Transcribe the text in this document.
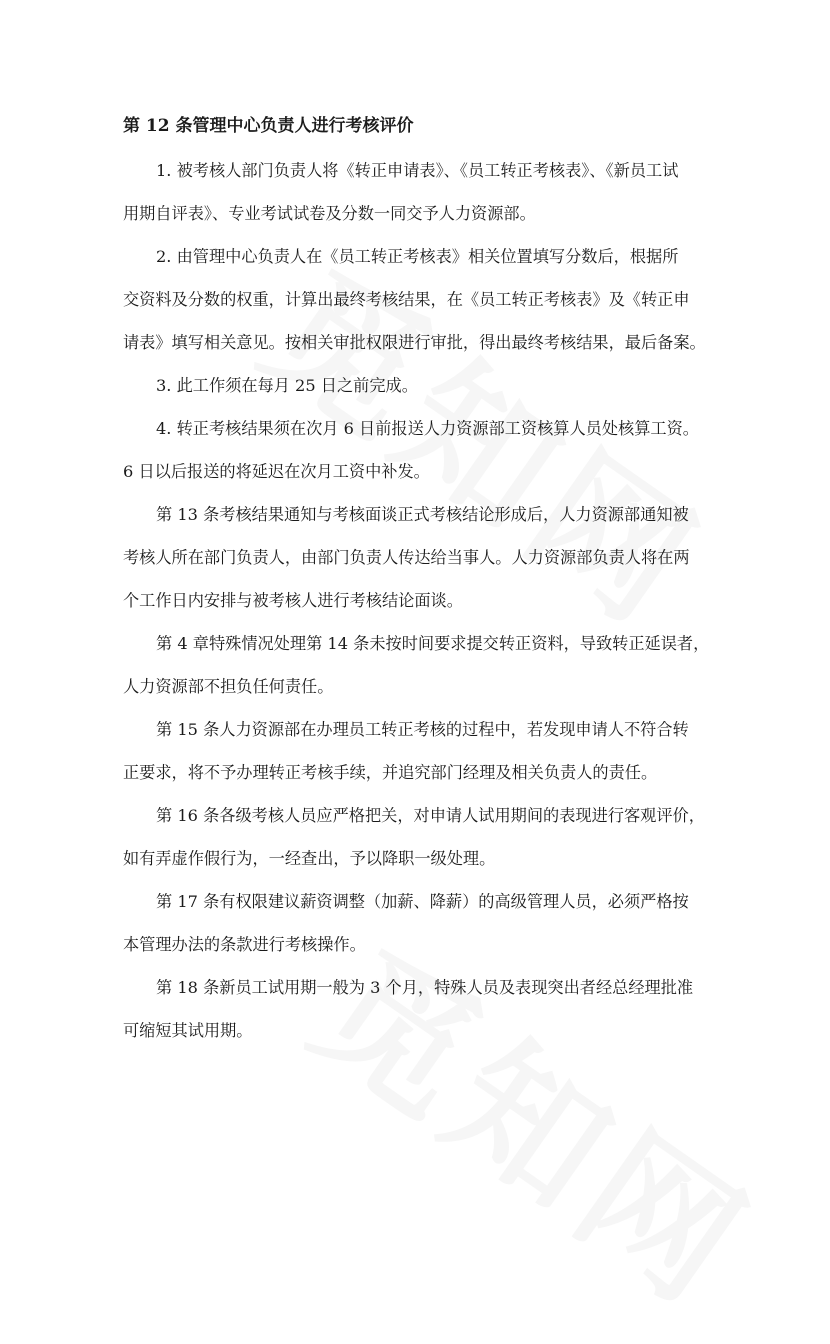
第 12 条管理中心负责人进行考核评价
1. 被考核人部门负责人将《转正申请表》、《员工转正考核表》、《新员工试
用期自评表》、专业考试试卷及分数一同交予人力资源部。
2. 由管理中心负责人在《员工转正考核表》相关位置填写分数后，根据所
交资料及分数的权重，计算出最终考核结果，在《员工转正考核表》及《转正申
请表》填写相关意见。按相关审批权限进行审批，得出最终考核结果，最后备案。
3. 此工作须在每月 25 日之前完成。
4. 转正考核结果须在次月 6 日前报送人力资源部工资核算人员处核算工资。
6 日以后报送的将延迟在次月工资中补发。
第 13 条考核结果通知与考核面谈正式考核结论形成后，人力资源部通知被
考核人所在部门负责人，由部门负责人传达给当事人。人力资源部负责人将在两
个工作日内安排与被考核人进行考核结论面谈。
第 4 章特殊情况处理第 14 条未按时间要求提交转正资料，导致转正延误者，
人力资源部不担负任何责任。
第 15 条人力资源部在办理员工转正考核的过程中，若发现申请人不符合转
正要求，将不予办理转正考核手续，并追究部门经理及相关负责人的责任。
第 16 条各级考核人员应严格把关，对申请人试用期间的表现进行客观评价，
如有弄虚作假行为，一经查出，予以降职一级处理。
第 17 条有权限建议薪资调整（加薪、降薪）的高级管理人员，必须严格按
本管理办法的条款进行考核操作。
第 18 条新员工试用期一般为 3 个月，特殊人员及表现突出者经总经理批准
可缩短其试用期。
